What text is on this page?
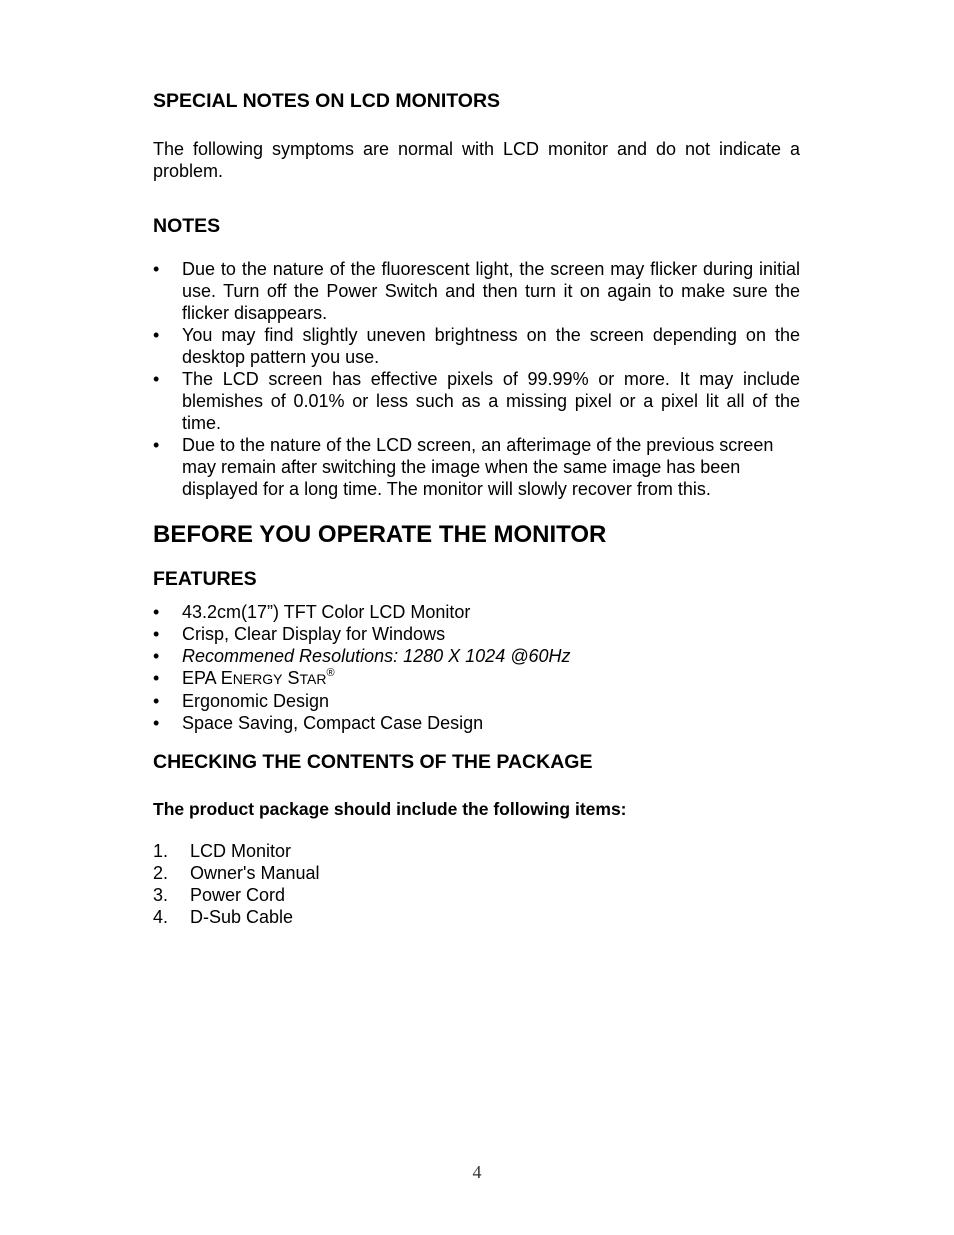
SPECIAL NOTES ON LCD MONITORS

The following symptoms are normal with LCD monitor and do not indicate a problem.

NOTES
•	Due to the nature of the fluorescent light, the screen may flicker during initial use. Turn off the Power Switch and then turn it on again to make sure the flicker disappears.
•	You may find slightly uneven brightness on the screen depending on the desktop pattern you use.
•	The LCD screen has effective pixels of 99.99% or more. It may include blemishes of 0.01% or less such as a missing pixel or a pixel lit all of the time.
•	Due to the nature of the LCD screen, an afterimage of the previous screen may remain after switching the image when the same image has been displayed for a long time. The monitor will slowly recover from this.
BEFORE YOU OPERATE THE MONITOR
FEATURES
•	43.2cm(17”) TFT Color LCD Monitor
•	Crisp, Clear Display for Windows
•	Recommened Resolutions: 1280 X 1024 @60Hz
•	EPA ENERGY STAR®
•	Ergonomic Design
•	Space Saving, Compact Case Design
CHECKING THE CONTENTS OF THE PACKAGE

The product package should include the following items:

1. LCD Monitor
2. Owner's Manual
3. Power Cord
4. D-Sub Cable
4
